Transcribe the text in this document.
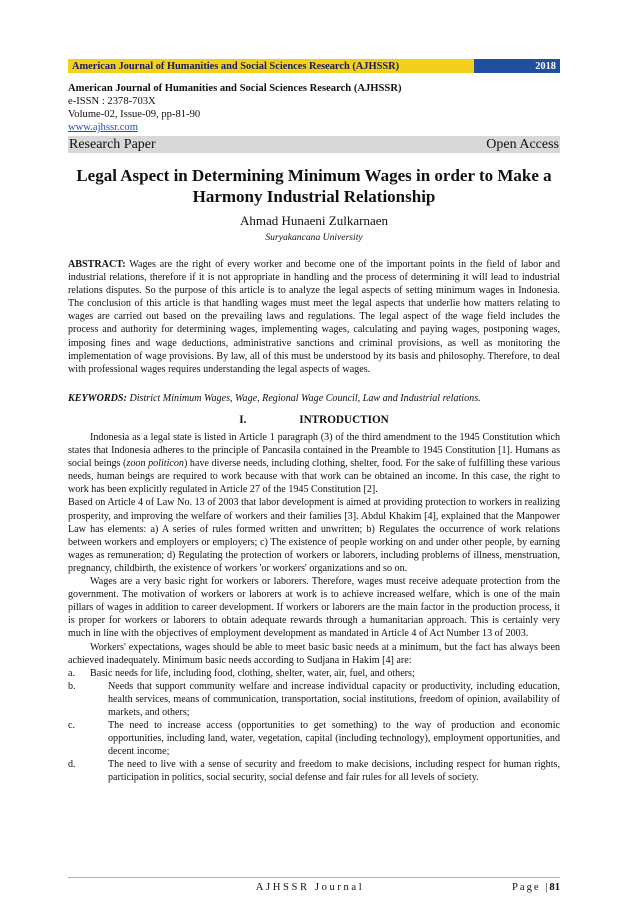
American Journal of Humanities and Social Sciences Research (AJHSSR)	2018
American Journal of Humanities and Social Sciences Research (AJHSSR)
e-ISSN : 2378-703X
Volume-02, Issue-09, pp-81-90
www.ajhssr.com
Research Paper	Open Access
Legal Aspect in Determining Minimum Wages in order to Make a Harmony Industrial Relationship
Ahmad Hunaeni Zulkarnaen
Suryakancana University
ABSTRACT: Wages are the right of every worker and become one of the important points in the field of labor and industrial relations, therefore if it is not appropriate in handling and the process of determining it will lead to industrial relations disputes. So the purpose of this article is to analyze the legal aspects of setting minimum wages in Indonesia. The conclusion of this article is that handling wages must meet the legal aspects that underlie how matters relating to wages are carried out based on the prevailing laws and regulations. The legal aspect of the wage field includes the process and authority for determining wages, implementing wages, calculating and paying wages, postponing wages, imposing fines and wage deductions, administrative sanctions and criminal provisions, as well as monitoring the implementation of wage provisions. By law, all of this must be understood by its basis and philosophy. Therefore, to deal with professional wages requires understanding the legal aspects of wages.
KEYWORDS: District Minimum Wages, Wage, Regional Wage Council, Law and Industrial relations.
I.	INTRODUCTION

Indonesia as a legal state is listed in Article 1 paragraph (3) of the third amendment to the 1945 Constitution which states that Indonesia adheres to the principle of Pancasila contained in the Preamble to 1945 Constitution [1]. Humans as social beings (zoon politicon) have diverse needs, including clothing, shelter, food. For the sake of fulfilling these various needs, human beings are required to work because with that work can be obtained an income. In this case, the right to work has been explicitly regulated in Article 27 of the 1945 Constitution [2].

Based on Article 4 of Law No. 13 of 2003 that labor development is aimed at providing protection to workers in realizing prosperity, and improving the welfare of workers and their families [3]. Abdul Khakim [4], explained that the Manpower Law has elements: a) A series of rules formed written and unwritten; b) Regulates the occurrence of work relations between workers and employers or employers; c) The existence of people working on and under other people, by earning wages as remuneration; d) Regulating the protection of workers or laborers, including problems of illness, menstruation, pregnancy, childbirth, the existence of workers 'or workers' organizations and so on.

Wages are a very basic right for workers or laborers. Therefore, wages must receive adequate protection from the government. The motivation of workers or laborers at work is to achieve increased welfare, which is one of the main pillars of wages in addition to career development. If workers or laborers are the main factor in the production process, it is proper for workers or laborers to obtain adequate rewards through a humanitarian approach. This is certainly very much in line with the objectives of employment development as mandated in Article 4 of Act Number 13 of 2003.

Workers' expectations, wages should be able to meet basic basic needs at a minimum, but the fact has always been achieved inadequately. Minimum basic needs according to Sudjana in Hakim [4] are:

a.	Basic needs for life, including food, clothing, shelter, water, air, fuel, and others;
b.	Needs that support community welfare and increase individual capacity or productivity, including education, health services, means of communication, transportation, social institutions, freedom of opinion, availability of markets, and others;
c.	The need to increase access (opportunities to get something) to the way of production and economic opportunities, including land, water, vegetation, capital (including technology), employment opportunities, and decent income;
d.	The need to live with a sense of security and freedom to make decisions, including respect for human rights, participation in politics, social security, social defense and fair rules for all levels of society.
AJHSSR Journal	Page |81
